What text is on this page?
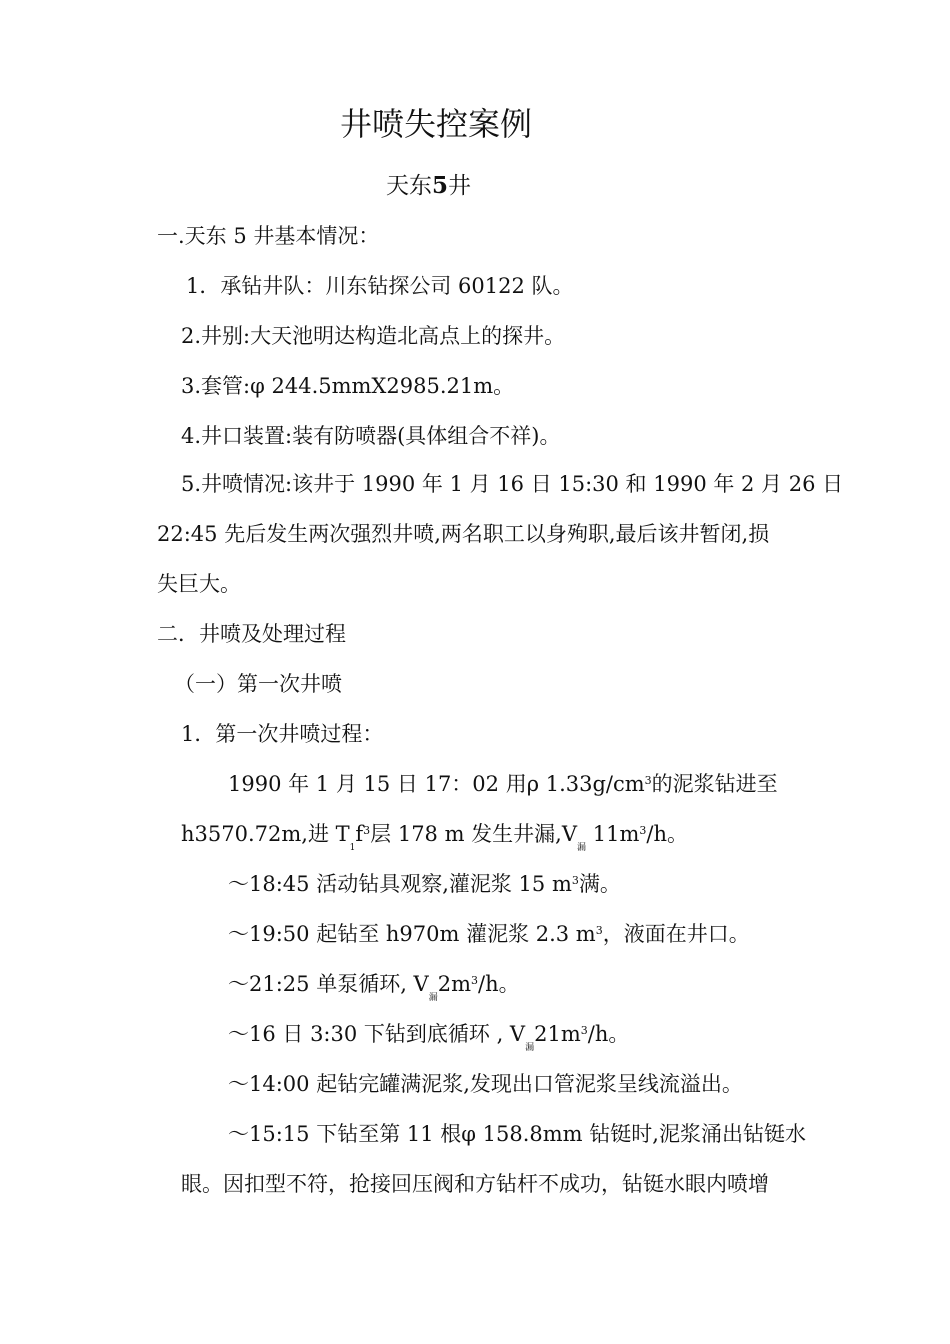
井喷失控案例
天东5井
一.天东 5 井基本情况：
1．承钻井队：川东钻探公司 60122 队。
2.井别:大天池明达构造北高点上的探井。
3.套管:φ 244.5mmX2985.21m。
4.井口装置:装有防喷器(具体组合不祥)。
5.井喷情况:该井于 1990 年 1 月 16 日 15:30 和 1990 年 2 月 26 日
22:45 先后发生两次强烈井喷,两名职工以身殉职,最后该井暂闭,损
失巨大。
二．井喷及处理过程
（一）第一次井喷
1．第一次井喷过程：
1990 年 1 月 15 日 17：02 用ρ $1.33g/cm^3$的泥浆钻进至
h3570.72m,进 $T_1f^3$层 178 m 发生井漏$,V_漏$ $11m^3/h$。
～18:45 活动钻具观察,灌泥浆 15 $m^3$满。
～19:50 起钻至 h970m 灌泥浆 2.3 $m^3$，液面在井口。
～21:25 单泵循环, $V_漏2m^3/h$。
～16 日 3:30 下钻到底循环 , $V_漏21m^3/h$。
～14:00 起钻完罐满泥浆,发现出口管泥浆呈线流溢出。
～15:15 下钻至第 11 根φ 158.8mm 钻铤时,泥浆涌出钻铤水
眼。因扣型不符，抢接回压阀和方钻杆不成功，钻铤水眼内喷增
